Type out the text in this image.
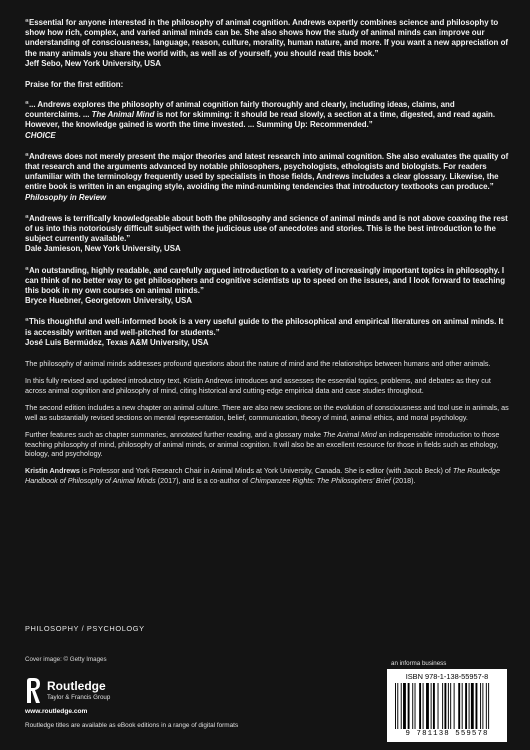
“Essential for anyone interested in the philosophy of animal cognition. Andrews expertly combines science and philosophy to show how rich, complex, and varied animal minds can be. She also shows how the study of animal minds can improve our understanding of consciousness, language, reason, culture, morality, human nature, and more. If you want a new appreciation of the many animals you share the world with, as well as of yourself, you should read this book.”

Jeff Sebo, New York University, USA

Praise for the first edition:

“... Andrews explores the philosophy of animal cognition fairly thoroughly and clearly, including ideas, claims, and counterclaims. ... The Animal Mind is not for skimming: it should be read slowly, a section at a time, digested, and read again. However, the knowledge gained is worth the time invested. ... Summing Up: Recommended.”

CHOICE

“Andrews does not merely present the major theories and latest research into animal cognition. She also evaluates the quality of that research and the arguments advanced by notable philosophers, psychologists, ethologists and biologists. For readers unfamiliar with the terminology frequently used by specialists in those fields, Andrews includes a clear glossary. Likewise, the entire book is written in an engaging style, avoiding the mind-numbing tendencies that introductory textbooks can produce.”

Philosophy in Review

“Andrews is terrifically knowledgeable about both the philosophy and science of animal minds and is not above coaxing the rest of us into this notoriously difficult subject with the judicious use of anecdotes and stories. This is the best introduction to the subject currently available.”

Dale Jamieson, New York University, USA

“An outstanding, highly readable, and carefully argued introduction to a variety of increasingly important topics in philosophy. I can think of no better way to get philosophers and cognitive scientists up to speed on the issues, and I look forward to teaching this book in my own courses on animal minds.”

Bryce Huebner, Georgetown University, USA

“This thoughtful and well-informed book is a very useful guide to the philosophical and empirical literatures on animal minds. It is accessibly written and well-pitched for students.”

José Luis Bermúdez, Texas A&M University, USA

The philosophy of animal minds addresses profound questions about the nature of mind and the relationships between humans and other animals.

In this fully revised and updated introductory text, Kristin Andrews introduces and assesses the essential topics, problems, and debates as they cut across animal cognition and philosophy of mind, citing historical and cutting-edge empirical data and case studies throughout.

The second edition includes a new chapter on animal culture. There are also new sections on the evolution of consciousness and tool use in animals, as well as substantially revised sections on mental representation, belief, communication, theory of mind, animal ethics, and moral psychology.

Further features such as chapter summaries, annotated further reading, and a glossary make The Animal Mind an indispensable introduction to those teaching philosophy of mind, philosophy of animal minds, or animal cognition. It will also be an excellent resource for those in fields such as ethology, biology, and psychology.

Kristin Andrews is Professor and York Research Chair in Animal Minds at York University, Canada. She is editor (with Jacob Beck) of The Routledge Handbook of Philosophy of Animal Minds (2017), and is a co-author of Chimpanzee Rights: The Philosophers’ Brief (2018).

PHILOSOPHY / PSYCHOLOGY
Cover image: © Getty Images
Routledge
Taylor & Francis Group
www.routledge.com
Routledge titles are available as eBook editions in a range of digital formats
an informa business
ISBN 978-1-138-55957-8
9 781138 559578
